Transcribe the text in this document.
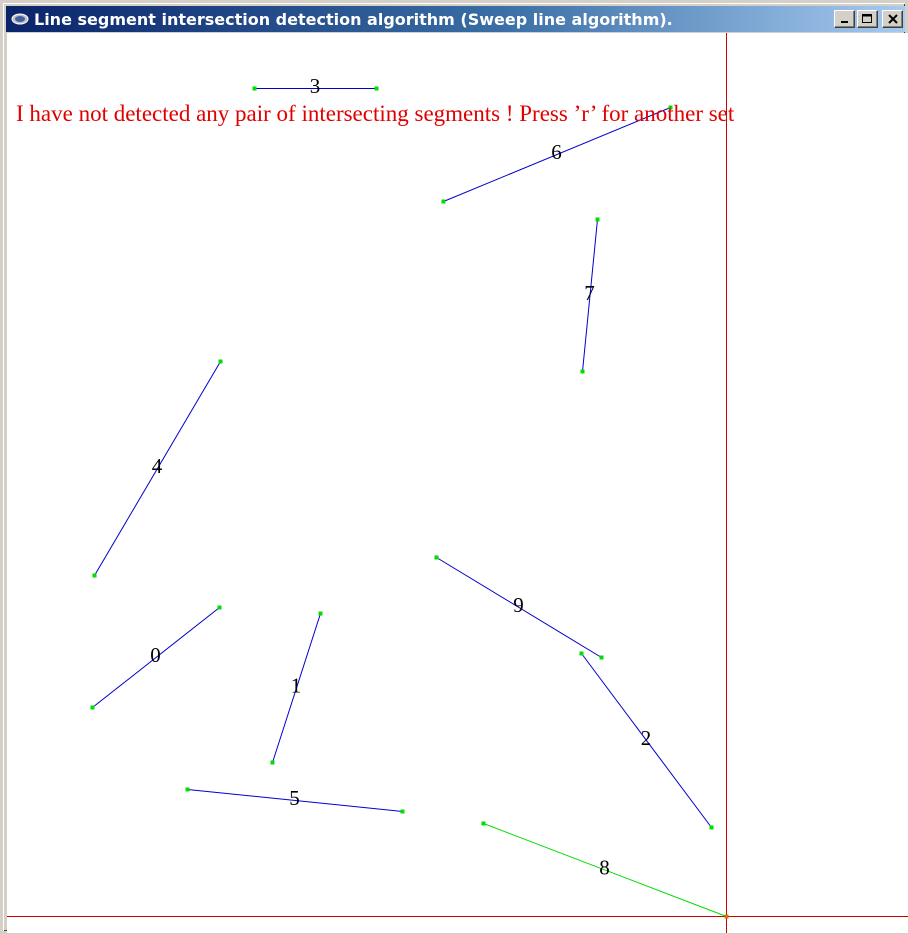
Line segment intersection detection algorithm (Sweep line algorithm).
0
1
2
3
4
5
6
7
8
9
I have not detected any pair of intersecting segments ! Press ’r’ for another set
